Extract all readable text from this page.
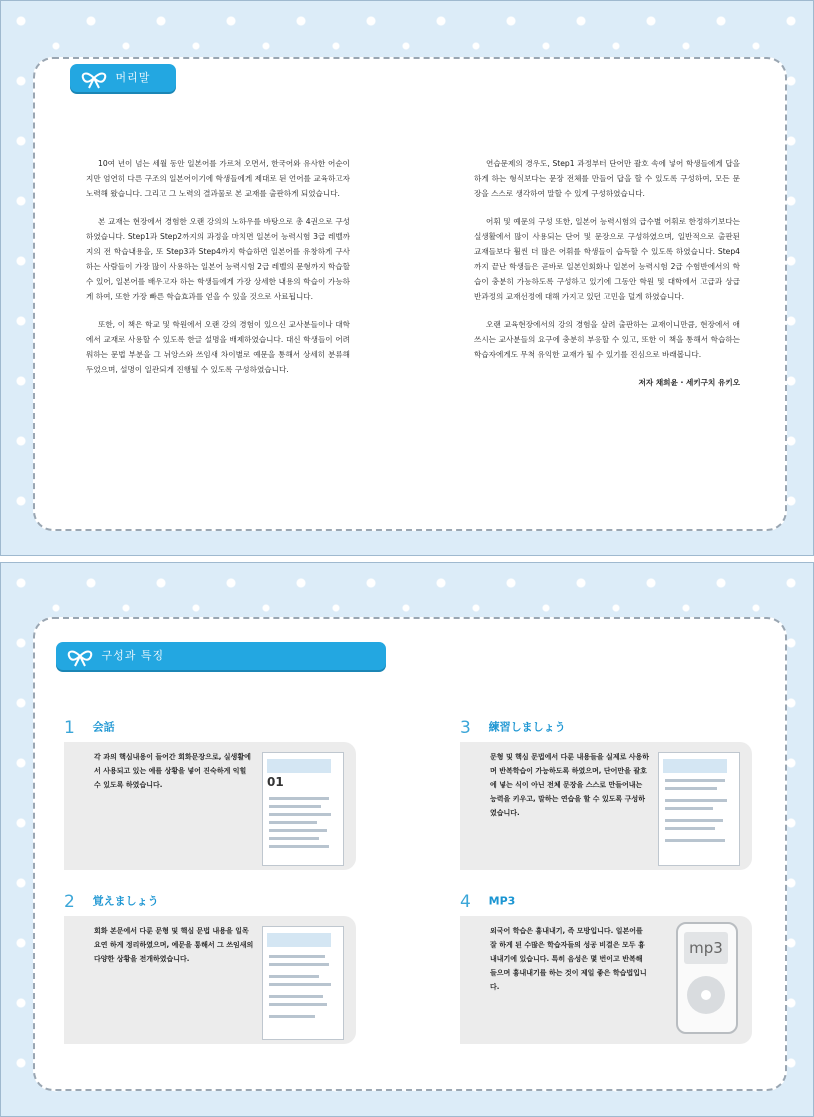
머리말

10여 년이 넘는 세월 동안 일본어를 가르쳐 오면서, 한국어와 유사한 어순이지만 엄연히 다른 구조의 일본어이기에 학생들에게 제대로 된 언어를 교육하고자 노력해 왔습니다. 그리고 그 노력의 결과물로 본 교재를 출판하게 되었습니다.

본 교재는 현장에서 경험한 오랜 강의의 노하우를 바탕으로 총 4권으로 구성하였습니다. Step1과 Step2까지의 과정을 마치면 일본어 능력시험 3급 레벨까지의 전 학습내용을, 또 Step3과 Step4까지 학습하면 일본어를 유창하게 구사하는 사람들이 가장 많이 사용하는 일본어 능력시험 2급 레벨의 문형까지 학습할 수 있어, 일본어를 배우고자 하는 학생들에게 가장 상세한 내용의 학습이 가능하게 하여, 또한 가장 빠른 학습효과를 얻을 수 있을 것으로 사료됩니다.

또한, 이 책은 학교 및 학원에서 오랜 강의 경험이 있으신 교사분들이나 대학에서 교재로 사용할 수 있도록 한글 설명을 배제하였습니다. 대신 학생들이 어려워하는 문법 부분을 그 뉘앙스와 쓰임새 차이별로 예문을 통해서 상세히 분류해 두었으며, 설명이 일관되게 진행될 수 있도록 구성하였습니다.

연습문제의 경우도, Step1 과정부터 단어만 괄호 속에 넣어 학생들에게 답을 하게 하는 형식보다는 문장 전체를 만들어 답을 할 수 있도록 구성하여, 모든 문장을 스스로 생각하여 말할 수 있게 구성하였습니다.

어휘 및 예문의 구성 또한, 일본어 능력시험의 급수별 어휘로 한정하기보다는 실생활에서 많이 사용되는 단어 및 문장으로 구성하였으며, 일반적으로 출판된 교재들보다 훨씬 더 많은 어휘를 학생들이 습득할 수 있도록 하였습니다. Step4까지 끝난 학생들은 곧바로 일본인회화나 일본어 능력시험 2급 수험반에서의 학습이 충분히 가능하도록 구성하고 있기에 그동안 학원 및 대학에서 고급과 상급반과정의 교재선정에 대해 가지고 있던 고민을 덜게 하였습니다.

오랜 교육현장에서의 강의 경험을 살려 출판하는 교재이니만큼, 현장에서 애쓰시는 교사분들의 요구에 충분히 부응할 수 있고, 또한 이 책을 통해서 학습하는 학습자에게도 무척 유익한 교재가 될 수 있기를 진심으로 바래봅니다.

저자 채희윤 · 세키구치 유키오

구성과 특징
1 会話
각 과의 핵심내용이 들어간 회화문장으로, 실생활에서 사용되고 있는 예를 상황을 넣어 진숙하게 익힐 수 있도록 하였습니다.	01
3 練習しましょう
문형 및 핵심 문법에서 다룬 내용들을 실제로 사용하며 반복학습이 가능하도록 하였으며, 단어만을 괄호에 넣는 식이 아닌 전체 문장을 스스로 만들어내는 능력을 키우고, 말하는 연습을 할 수 있도록 구성하였습니다.
2 覚えましょう
회화 본문에서 다룬 문형 및 핵심 문법 내용을 일목요연 하게 정리하였으며, 예문을 통해서 그 쓰임새의 다양한 상황을 전개하였습니다.
4 MP3
외국어 학습은 흉내내기, 즉 모방입니다. 일본어를 잘 하게 된 수많은 학습자들의 성공 비결은 모두 흉내내기에 있습니다. 특히 음성은 몇 번이고 반복해 들으며 흉내내기를 하는 것이 제일 좋은 학습법입니다.
mp3
